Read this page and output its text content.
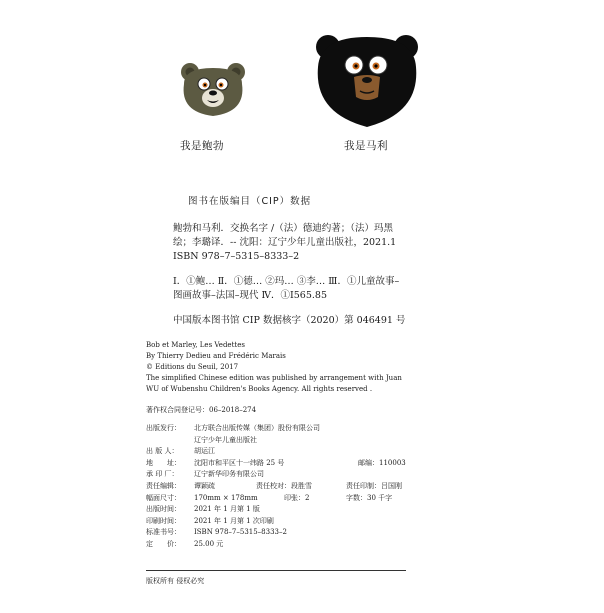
我是鲍勃	我是马利
图书在版编目（CIP）数据
鲍勃和马利．交换名字 /（法）德迪约著；（法）玛黑
绘；李璐译．-- 沈阳：辽宁少年儿童出版社，2021.1
ISBN 978–7–5315–8333–2
Ⅰ．①鲍… Ⅱ．①德… ②玛… ③李… Ⅲ．①儿童故事–
图画故事–法国–现代 Ⅳ．①I565.85
中国版本图书馆 CIP 数据核字（2020）第 046491 号
Bob et Marley, Les Vedettes
By Thierry Dedieu and Frédéric Marais
© Editions du Seuil, 2017
The simplified Chinese edition was published by arrangement with Juan
WU of Wubenshu Children's Books Agency. All rights reserved .
著作权合同登记号：06–2018–274
出版发行： 北方联合出版传媒（集团）股份有限公司
辽宁少年儿童出版社
出 版 人： 胡运江
地　　址： 沈阳市和平区十一纬路 25 号	邮编：110003
承 印 厂： 辽宁新华印务有限公司
责任编辑： 谭颖疏	责任校对：段胜雪	责任印制：吕国刚
幅面尺寸： 170mm × 178mm	印张：2	字数：30 千字
出版时间： 2021 年 1 月第 1 版
印刷时间： 2021 年 1 月第 1 次印刷
标准书号： ISBN 978–7–5315–8333–2
定　　价： 25.00 元
版权所有 侵权必究
